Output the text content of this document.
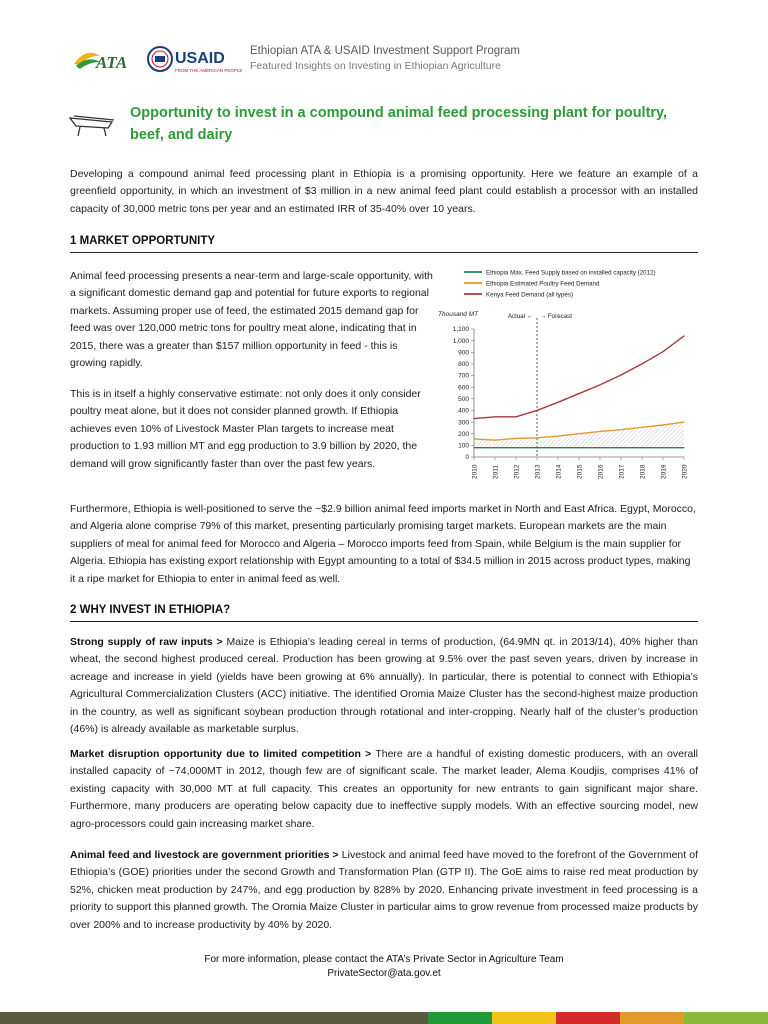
ATA	USAID
FROM THE AMERICAN PEOPLE
Ethiopian ATA & USAID Investment Support Program
Featured Insights on Investing in Ethiopian Agriculture
Opportunity to invest in a compound animal feed processing plant for poultry, beef, and dairy
Developing a compound animal feed processing plant in Ethiopia is a promising opportunity. Here we feature an example of a greenfield opportunity, in which an investment of $3 million in a new animal feed plant could establish a processor with an installed capacity of 30,000 metric tons per year and an estimated IRR of 35-40% over 10 years.
1 MARKET OPPORTUNITY
Animal feed processing presents a near-term and large-scale opportunity, with a significant domestic demand gap and potential for future exports to regional markets. Assuming proper use of feed, the estimated 2015 demand gap for feed was over 120,000 metric tons for poultry meat alone, indicating that in 2015, there was a greater than $157 million opportunity in feed - this is growing rapidly.
This is in itself a highly conservative estimate: not only does it only consider poultry meat alone, but it does not consider planned growth. If Ethiopia achieves even 10% of Livestock Master Plan targets to increase meat production to 1.93 million MT and egg production to 3.9 billion by 2020, the demand will grow significantly faster than over the past few years.
Ethiopia Max. Feed Supply based on installed capacity (2012)
Ethiopia Estimated Poultry Feed Demand
Kenya Feed Demand (all types)
Thousand MT	Actual ← → Forecast
0
100
200
300
400
500
600
700
800
900
1,000
1,100
2010 2011 2012 2013 2014 2015 2016 2017 2018 2019 2020
Furthermore, Ethiopia is well-positioned to serve the ~$2.9 billion animal feed imports market in North and East Africa. Egypt, Morocco, and Algeria alone comprise 79% of this market, presenting particularly promising target markets. European markets are the main suppliers of meal for animal feed for Morocco and Algeria – Morocco imports feed from Spain, while Belgium is the main supplier for Algeria. Ethiopia has existing export relationship with Egypt amounting to a total of $34.5 million in 2015 across product types, making it a ripe market for Ethiopia to enter in animal feed as well.
2 WHY INVEST IN ETHIOPIA?
Strong supply of raw inputs > Maize is Ethiopia’s leading cereal in terms of production, (64.9MN qt. in 2013/14), 40% higher than wheat, the second highest produced cereal. Production has been growing at 9.5% over the past seven years, driven by increase in acreage and increase in yield (yields have been growing at 6% annually). In particular, there is potential to connect with Ethiopia’s Agricultural Commercialization Clusters (ACC) initiative. The identified Oromia Maize Cluster has the second-highest maize production in the country, as well as significant soybean production through rotational and inter-cropping. Nearly half of the cluster’s production (46%) is already available as marketable surplus.
Market disruption opportunity due to limited competition > There are a handful of existing domestic producers, with an overall installed capacity of ~74,000MT in 2012, though few are of significant scale. The market leader, Alema Koudjis, comprises 41% of existing capacity with 30,000 MT at full capacity. This creates an opportunity for new entrants to gain significant major share. Furthermore, many producers are operating below capacity due to ineffective supply models. With an effective sourcing model, new agro-processors could gain increasing market share.
Animal feed and livestock are government priorities > Livestock and animal feed have moved to the forefront of the Government of Ethiopia’s (GOE) priorities under the second Growth and Transformation Plan (GTP II). The GoE aims to raise red meat production by 52%, chicken meat production by 247%, and egg production by 828% by 2020. Enhancing private investment in feed processing is a priority to support this planned growth. The Oromia Maize Cluster in particular aims to grow revenue from processed maize products by over 200% and to increase productivity by 40% by 2020.
For more information, please contact the ATA’s Private Sector in Agriculture Team
PrivateSector@ata.gov.et
